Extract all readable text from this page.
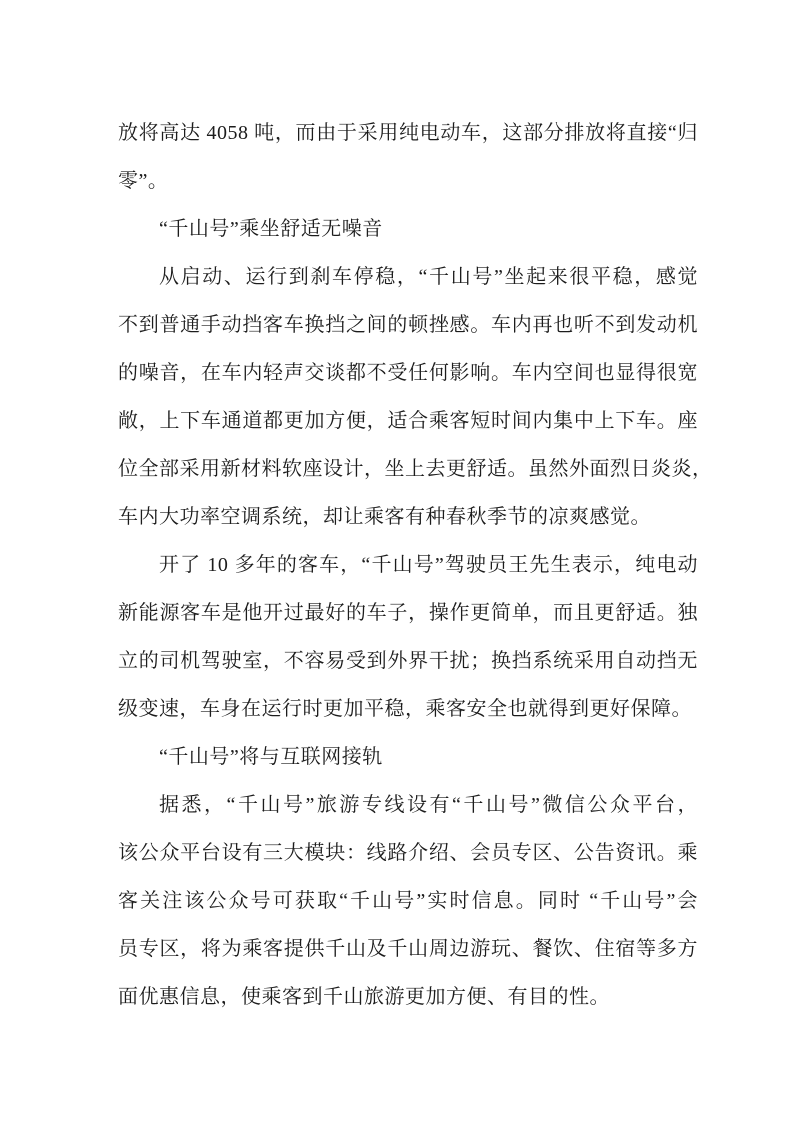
放将高达 4058 吨，而由于采用纯电动车，这部分排放将直接“归
零”。
“千山号”乘坐舒适无噪音
从启动、运行到刹车停稳，“千山号”坐起来很平稳，感觉
不到普通手动挡客车换挡之间的顿挫感。车内再也听不到发动机
的噪音，在车内轻声交谈都不受任何影响。车内空间也显得很宽
敞，上下车通道都更加方便，适合乘客短时间内集中上下车。座
位全部采用新材料软座设计，坐上去更舒适。虽然外面烈日炎炎，
车内大功率空调系统，却让乘客有种春秋季节的凉爽感觉。
开了 10 多年的客车，“千山号”驾驶员王先生表示，纯电动
新能源客车是他开过最好的车子，操作更简单，而且更舒适。独
立的司机驾驶室，不容易受到外界干扰；换挡系统采用自动挡无
级变速，车身在运行时更加平稳，乘客安全也就得到更好保障。
“千山号”将与互联网接轨
据悉，“千山号”旅游专线设有“千山号”微信公众平台，
该公众平台设有三大模块：线路介绍、会员专区、公告资讯。乘
客关注该公众号可获取“千山号”实时信息。同时 “千山号”会
员专区，将为乘客提供千山及千山周边游玩、餐饮、住宿等多方
面优惠信息，使乘客到千山旅游更加方便、有目的性。
